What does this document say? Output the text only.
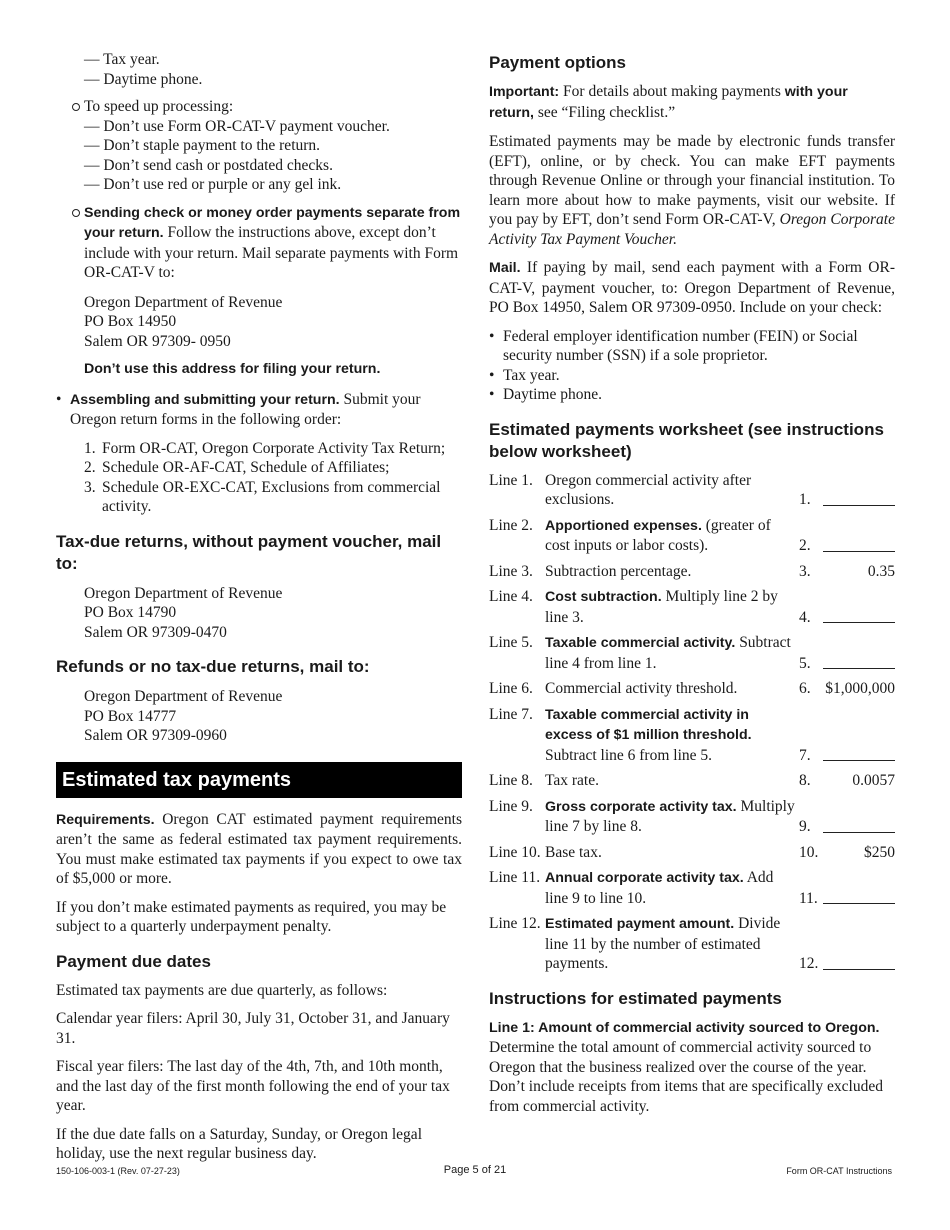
— Tax year.
— Daytime phone.
To speed up processing:
— Don’t use Form OR-CAT-V payment voucher.
— Don’t staple payment to the return.
— Don’t send cash or postdated checks.
— Don’t use red or purple or any gel ink.
Sending check or money order payments separate from your return. Follow the instructions above, except don’t include with your return. Mail separate payments with Form OR-CAT-V to:
Oregon Department of Revenue
PO Box 14950
Salem OR 97309- 0950
Don’t use this address for filing your return.
• Assembling and submitting your return. Submit your Oregon return forms in the following order:
1. Form OR-CAT, Oregon Corporate Activity Tax Return;
2. Schedule OR-AF-CAT, Schedule of Affiliates;
3. Schedule OR-EXC-CAT, Exclusions from commercial activity.
Tax-due returns, without payment voucher, mail to:
Oregon Department of Revenue
PO Box 14790
Salem OR 97309-0470
Refunds or no tax-due returns, mail to:
Oregon Department of Revenue
PO Box 14777
Salem OR 97309-0960
Estimated tax payments

Requirements. Oregon CAT estimated payment requirements aren’t the same as federal estimated tax payment requirements. You must make estimated tax payments if you expect to owe tax of $5,000 or more.

If you don’t make estimated payments as required, you may be subject to a quarterly underpayment penalty.

Payment due dates

Estimated tax payments are due quarterly, as follows:

Calendar year filers: April 30, July 31, October 31, and January 31.

Fiscal year filers: The last day of the 4th, 7th, and 10th month, and the last day of the first month following the end of your tax year.

If the due date falls on a Saturday, Sunday, or Oregon legal holiday, use the next regular business day.

Payment options

Important: For details about making payments with your return, see “Filing checklist.”

Estimated payments may be made by electronic funds transfer (EFT), online, or by check. You can make EFT payments through Revenue Online or through your financial institution. To learn more about how to make payments, visit our website. If you pay by EFT, don’t send Form OR-CAT-V, Oregon Corporate Activity Tax Payment Voucher.

Mail. If paying by mail, send each payment with a Form OR-CAT-V, payment voucher, to: Oregon Department of Revenue, PO Box 14950, Salem OR 97309-0950. Include on your check:

• Federal employer identification number (FEIN) or Social security number (SSN) if a sole proprietor.
• Tax year.
• Daytime phone.
Estimated payments worksheet (see instructions below worksheet)
Line 1. Oregon commercial activity after exclusions.	1.
Line 2. Apportioned expenses. (greater of cost inputs or labor costs).	2.
Line 3. Subtraction percentage.	3.	0.35
Line 4. Cost subtraction. Multiply line 2 by line 3.	4.
Line 5. Taxable commercial activity. Subtract line 4 from line 1.	5.
Line 6. Commercial activity threshold.	6. $1,000,000
Line 7. Taxable commercial activity in excess of $1 million threshold. Subtract line 6 from line 5.	7.
Line 8. Tax rate.	8.	0.0057
Line 9. Gross corporate activity tax. Multiply line 7 by line 8.	9.
Line 10. Base tax.	10.	$250
Line 11. Annual corporate activity tax. Add line 9 to line 10.	11.
Line 12. Estimated payment amount. Divide line 11 by the number of estimated payments.	12.
Instructions for estimated payments

Line 1: Amount of commercial activity sourced to Oregon. Determine the total amount of commercial activity sourced to Oregon that the business realized over the course of the year. Don’t include receipts from items that are specifically excluded from commercial activity.

150-106-003-1 (Rev. 07-27-23)	Page 5 of 21	Form OR-CAT Instructions
